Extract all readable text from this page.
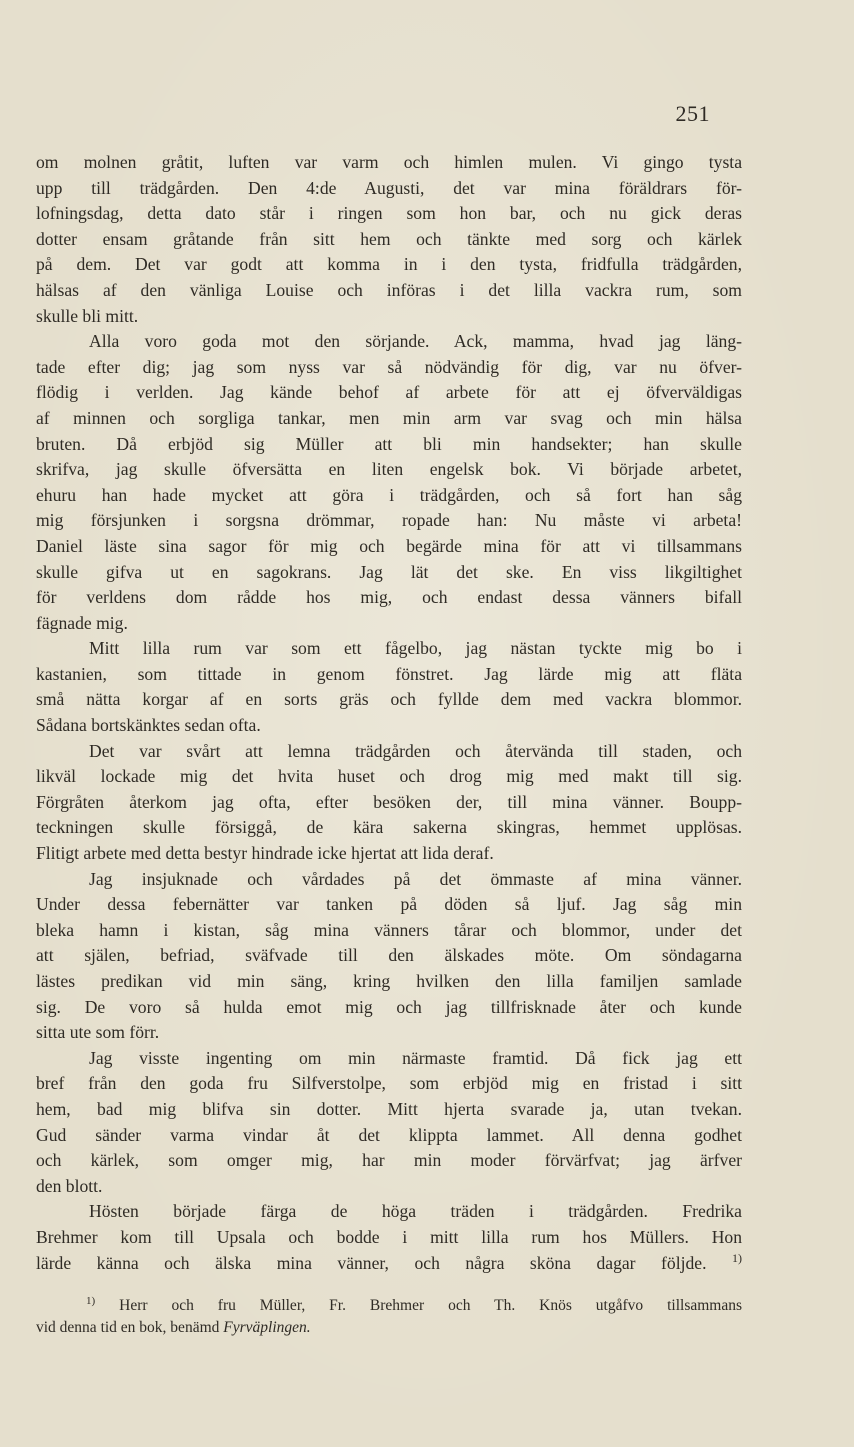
251
om molnen gråtit, luften var varm och himlen mulen. Vi gingo tysta
upp till trädgården. Den 4:de Augusti, det var mina föräldrars för-
lofningsdag, detta dato står i ringen som hon bar, och nu gick deras
dotter ensam gråtande från sitt hem och tänkte med sorg och kärlek
på dem. Det var godt att komma in i den tysta, fridfulla trädgården,
hälsas af den vänliga Louise och införas i det lilla vackra rum, som
skulle bli mitt.
Alla voro goda mot den sörjande. Ack, mamma, hvad jag läng-
tade efter dig; jag som nyss var så nödvändig för dig, var nu öfver-
flödig i verlden. Jag kände behof af arbete för att ej öfverväldigas
af minnen och sorgliga tankar, men min arm var svag och min hälsa
bruten. Då erbjöd sig Müller att bli min handsekter; han skulle
skrifva, jag skulle öfversätta en liten engelsk bok. Vi började arbetet,
ehuru han hade mycket att göra i trädgården, och så fort han såg
mig försjunken i sorgsna drömmar, ropade han: Nu måste vi arbeta!
Daniel läste sina sagor för mig och begärde mina för att vi tillsammans
skulle gifva ut en sagokrans. Jag lät det ske. En viss likgiltighet
för verldens dom rådde hos mig, och endast dessa vänners bifall
fägnade mig.
Mitt lilla rum var som ett fågelbo, jag nästan tyckte mig bo i
kastanien, som tittade in genom fönstret. Jag lärde mig att fläta
små nätta korgar af en sorts gräs och fyllde dem med vackra blommor.
Sådana bortskänktes sedan ofta.
Det var svårt att lemna trädgården och återvända till staden, och
likväl lockade mig det hvita huset och drog mig med makt till sig.
Förgråten återkom jag ofta, efter besöken der, till mina vänner. Boupp-
teckningen skulle försiggå, de kära sakerna skingras, hemmet upplösas.
Flitigt arbete med detta bestyr hindrade icke hjertat att lida deraf.
Jag insjuknade och vårdades på det ömmaste af mina vänner.
Under dessa febernätter var tanken på döden så ljuf. Jag såg min
bleka hamn i kistan, såg mina vänners tårar och blommor, under det
att själen, befriad, sväfvade till den älskades möte. Om söndagarna
lästes predikan vid min säng, kring hvilken den lilla familjen samlade
sig. De voro så hulda emot mig och jag tillfrisknade åter och kunde
sitta ute som förr.
Jag visste ingenting om min närmaste framtid. Då fick jag ett
bref från den goda fru Silfverstolpe, som erbjöd mig en fristad i sitt
hem, bad mig blifva sin dotter. Mitt hjerta svarade ja, utan tvekan.
Gud sänder varma vindar åt det klippta lammet. All denna godhet
och kärlek, som omger mig, har min moder förvärfvat; jag ärfver
den blott.
Hösten började färga de höga träden i trädgården. Fredrika
Brehmer kom till Upsala och bodde i mitt lilla rum hos Müllers. Hon
lärde känna och älska mina vänner, och några sköna dagar följde. $^{1)}$
$^{1)}$ Herr och fru Müller, Fr. Brehmer och Th. Knös utgåfvo tillsammans
vid denna tid en bok, benämd Fyrväplingen.
